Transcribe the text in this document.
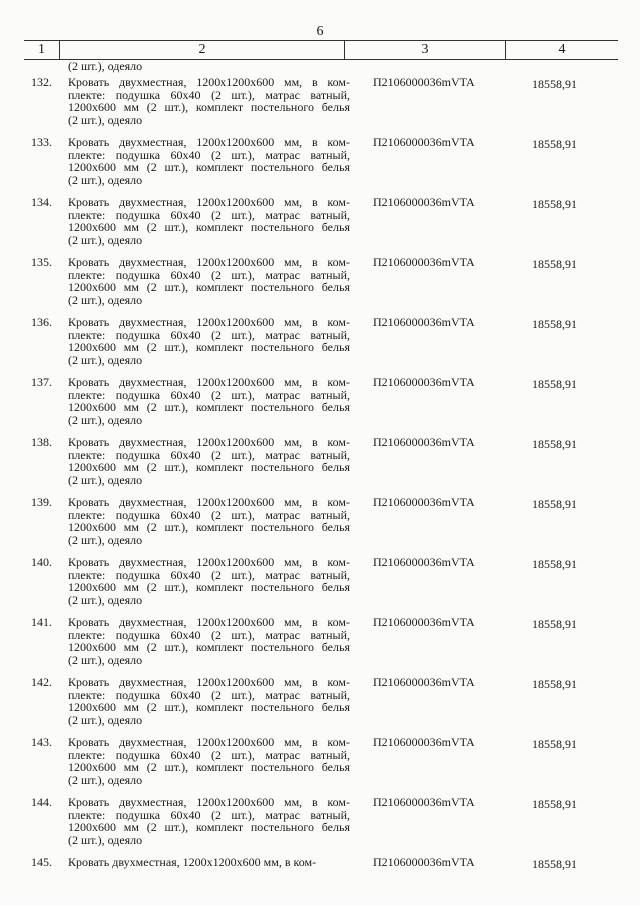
6
1	2	3	4
(2 шт.), одеяло
132. Кровать двухместная, 1200х1200х600 мм, в ком-
плекте: подушка 60х40 (2 шт.), матрас ватный,
1200х600 мм (2 шт.), комплект постельного белья
(2 шт.), одеяло
П2106000036mVTA	18558,91
133. Кровать двухместная, 1200х1200х600 мм, в ком-
плекте: подушка 60х40 (2 шт.), матрас ватный,
1200х600 мм (2 шт.), комплект постельного белья
(2 шт.), одеяло
П2106000036mVTA	18558,91
134. Кровать двухместная, 1200х1200х600 мм, в ком-
плекте: подушка 60х40 (2 шт.), матрас ватный,
1200х600 мм (2 шт.), комплект постельного белья
(2 шт.), одеяло
П2106000036mVTA	18558,91
135. Кровать двухместная, 1200х1200х600 мм, в ком-
плекте: подушка 60х40 (2 шт.), матрас ватный,
1200х600 мм (2 шт.), комплект постельного белья
(2 шт.), одеяло
П2106000036mVTA	18558,91
136. Кровать двухместная, 1200х1200х600 мм, в ком-
плекте: подушка 60х40 (2 шт.), матрас ватный,
1200х600 мм (2 шт.), комплект постельного белья
(2 шт.), одеяло
П2106000036mVTA	18558,91
137. Кровать двухместная, 1200х1200х600 мм, в ком-
плекте: подушка 60х40 (2 шт.), матрас ватный,
1200х600 мм (2 шт.), комплект постельного белья
(2 шт.), одеяло
П2106000036mVTA	18558,91
138. Кровать двухместная, 1200х1200х600 мм, в ком-
плекте: подушка 60х40 (2 шт.), матрас ватный,
1200х600 мм (2 шт.), комплект постельного белья
(2 шт.), одеяло
П2106000036mVTA	18558,91
139. Кровать двухместная, 1200х1200х600 мм, в ком-
плекте: подушка 60х40 (2 шт.), матрас ватный,
1200х600 мм (2 шт.), комплект постельного белья
(2 шт.), одеяло
П2106000036mVTA	18558,91
140. Кровать двухместная, 1200х1200х600 мм, в ком-
плекте: подушка 60х40 (2 шт.), матрас ватный,
1200х600 мм (2 шт.), комплект постельного белья
(2 шт.), одеяло
П2106000036mVTA	18558,91
141. Кровать двухместная, 1200х1200х600 мм, в ком-
плекте: подушка 60х40 (2 шт.), матрас ватный,
1200х600 мм (2 шт.), комплект постельного белья
(2 шт.), одеяло
П2106000036mVTA	18558,91
142. Кровать двухместная, 1200х1200х600 мм, в ком-
плекте: подушка 60х40 (2 шт.), матрас ватный,
1200х600 мм (2 шт.), комплект постельного белья
(2 шт.), одеяло
П2106000036mVTA	18558,91
143. Кровать двухместная, 1200х1200х600 мм, в ком-
плекте: подушка 60х40 (2 шт.), матрас ватный,
1200х600 мм (2 шт.), комплект постельного белья
(2 шт.), одеяло
П2106000036mVTA	18558,91
144. Кровать двухместная, 1200х1200х600 мм, в ком-
плекте: подушка 60х40 (2 шт.), матрас ватный,
1200х600 мм (2 шт.), комплект постельного белья
(2 шт.), одеяло
П2106000036mVTA	18558,91
145. Кровать двухместная, 1200х1200х600 мм, в ком-	П2106000036mVTA	18558,91
